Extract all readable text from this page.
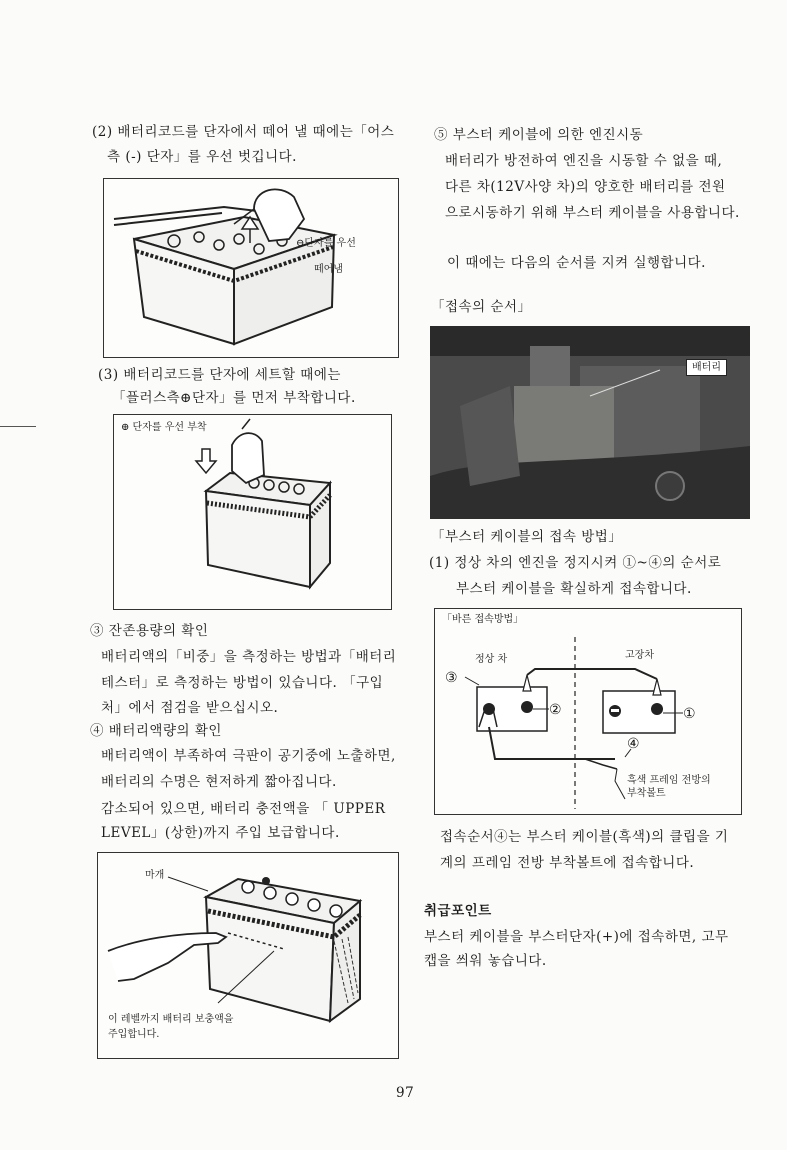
(2) 배터리코드를 단자에서 떼어 낼 때에는「어스
측 (-) 단자」를 우선 벗깁니다.
⊖단자를 우선
떼어냄
(3) 배터리코드를 단자에 세트할 때에는
「플러스측⊕단자」를 먼저 부착합니다.
⊕ 단자를 우선 부착
③ 잔존용량의 확인
배터리액의「비중」을 측정하는 방법과「배터리
테스터」로 측정하는 방법이 있습니다. 「구입
처」에서 점검을 받으십시오.
④ 배터리액량의 확인
배터리액이 부족하여 극판이 공기중에 노출하면,
배터리의 수명은 현저하게 짧아집니다.
감소되어 있으면, 배터리 충전액을 「 UPPER
LEVEL」(상한)까지 주입 보급합니다.
마개
이 레벨까지 배터리 보충액을
주입합니다.
⑤ 부스터 케이블에 의한 엔진시동
배터리가 방전하여 엔진을 시동할 수 없을 때,
다른 차(12V사양 차)의 양호한 배터리를 전원
으로시동하기 위해 부스터 케이블을 사용합니다.
이 때에는 다음의 순서를 지켜 실행합니다.
「접속의 순서」
배터리
「부스터 케이블의 접속 방법」
(1) 정상 차의 엔진을 정지시켜 ①~④의 순서로
부스터 케이블을 확실하게 접속합니다.
「바른 접속방법」
정상 차	고장차
③
②	①
④
흑색 프레임 전방의
부착볼트
접속순서④는 부스터 케이블(흑색)의 클립을 기
계의 프레임 전방 부착볼트에 접속합니다.
취급포인트
부스터 케이블을 부스터단자(+)에 접속하면, 고무
캡을 씌워 놓습니다.
97
